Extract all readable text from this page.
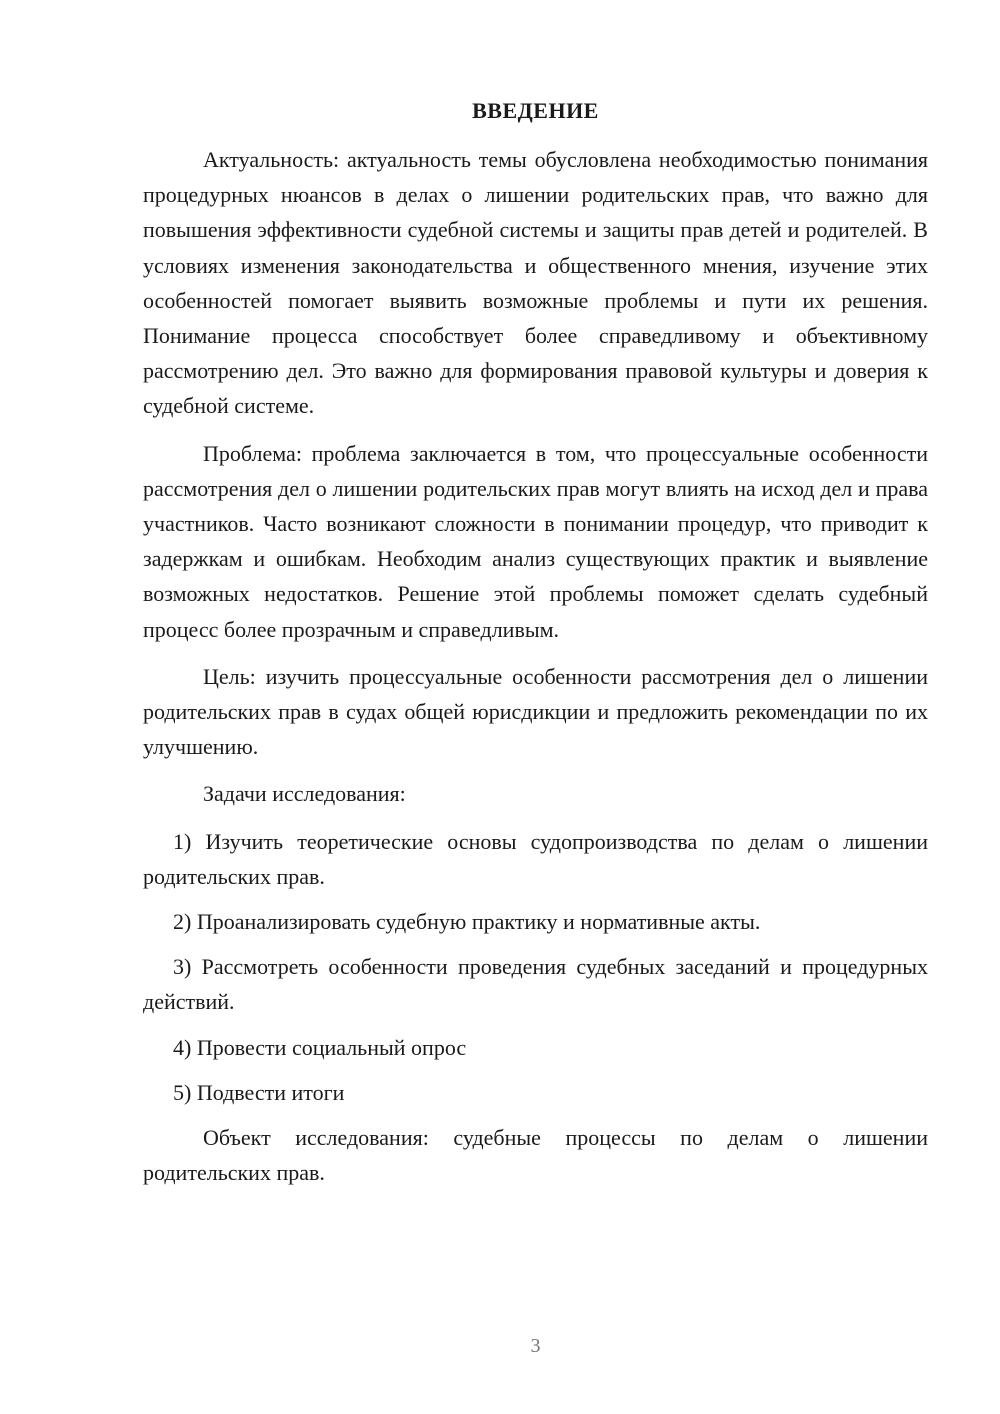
ВВЕДЕНИЕ

Актуальность: актуальность темы обусловлена необходимостью понимания процедурных нюансов в делах о лишении родительских прав, что важно для повышения эффективности судебной системы и защиты прав детей и родителей. В условиях изменения законодательства и общественного мнения, изучение этих особенностей помогает выявить возможные проблемы и пути их решения. Понимание процесса способствует более справедливому и объективному рассмотрению дел. Это важно для формирования правовой культуры и доверия к судебной системе.

Проблема: проблема заключается в том, что процессуальные особенности рассмотрения дел о лишении родительских прав могут влиять на исход дел и права участников. Часто возникают сложности в понимании процедур, что приводит к задержкам и ошибкам. Необходим анализ существующих практик и выявление возможных недостатков. Решение этой проблемы поможет сделать судебный процесс более прозрачным и справедливым.

Цель: изучить процессуальные особенности рассмотрения дел о лишении родительских прав в судах общей юрисдикции и предложить рекомендации по их улучшению.

Задачи исследования:

1) Изучить теоретические основы судопроизводства по делам о лишении родительских прав.

2) Проанализировать судебную практику и нормативные акты.

3) Рассмотреть особенности проведения судебных заседаний и процедурных действий.

4) Провести социальный опрос

5) Подвести итоги

Объект исследования: судебные процессы по делам о лишении родительских прав.

3
